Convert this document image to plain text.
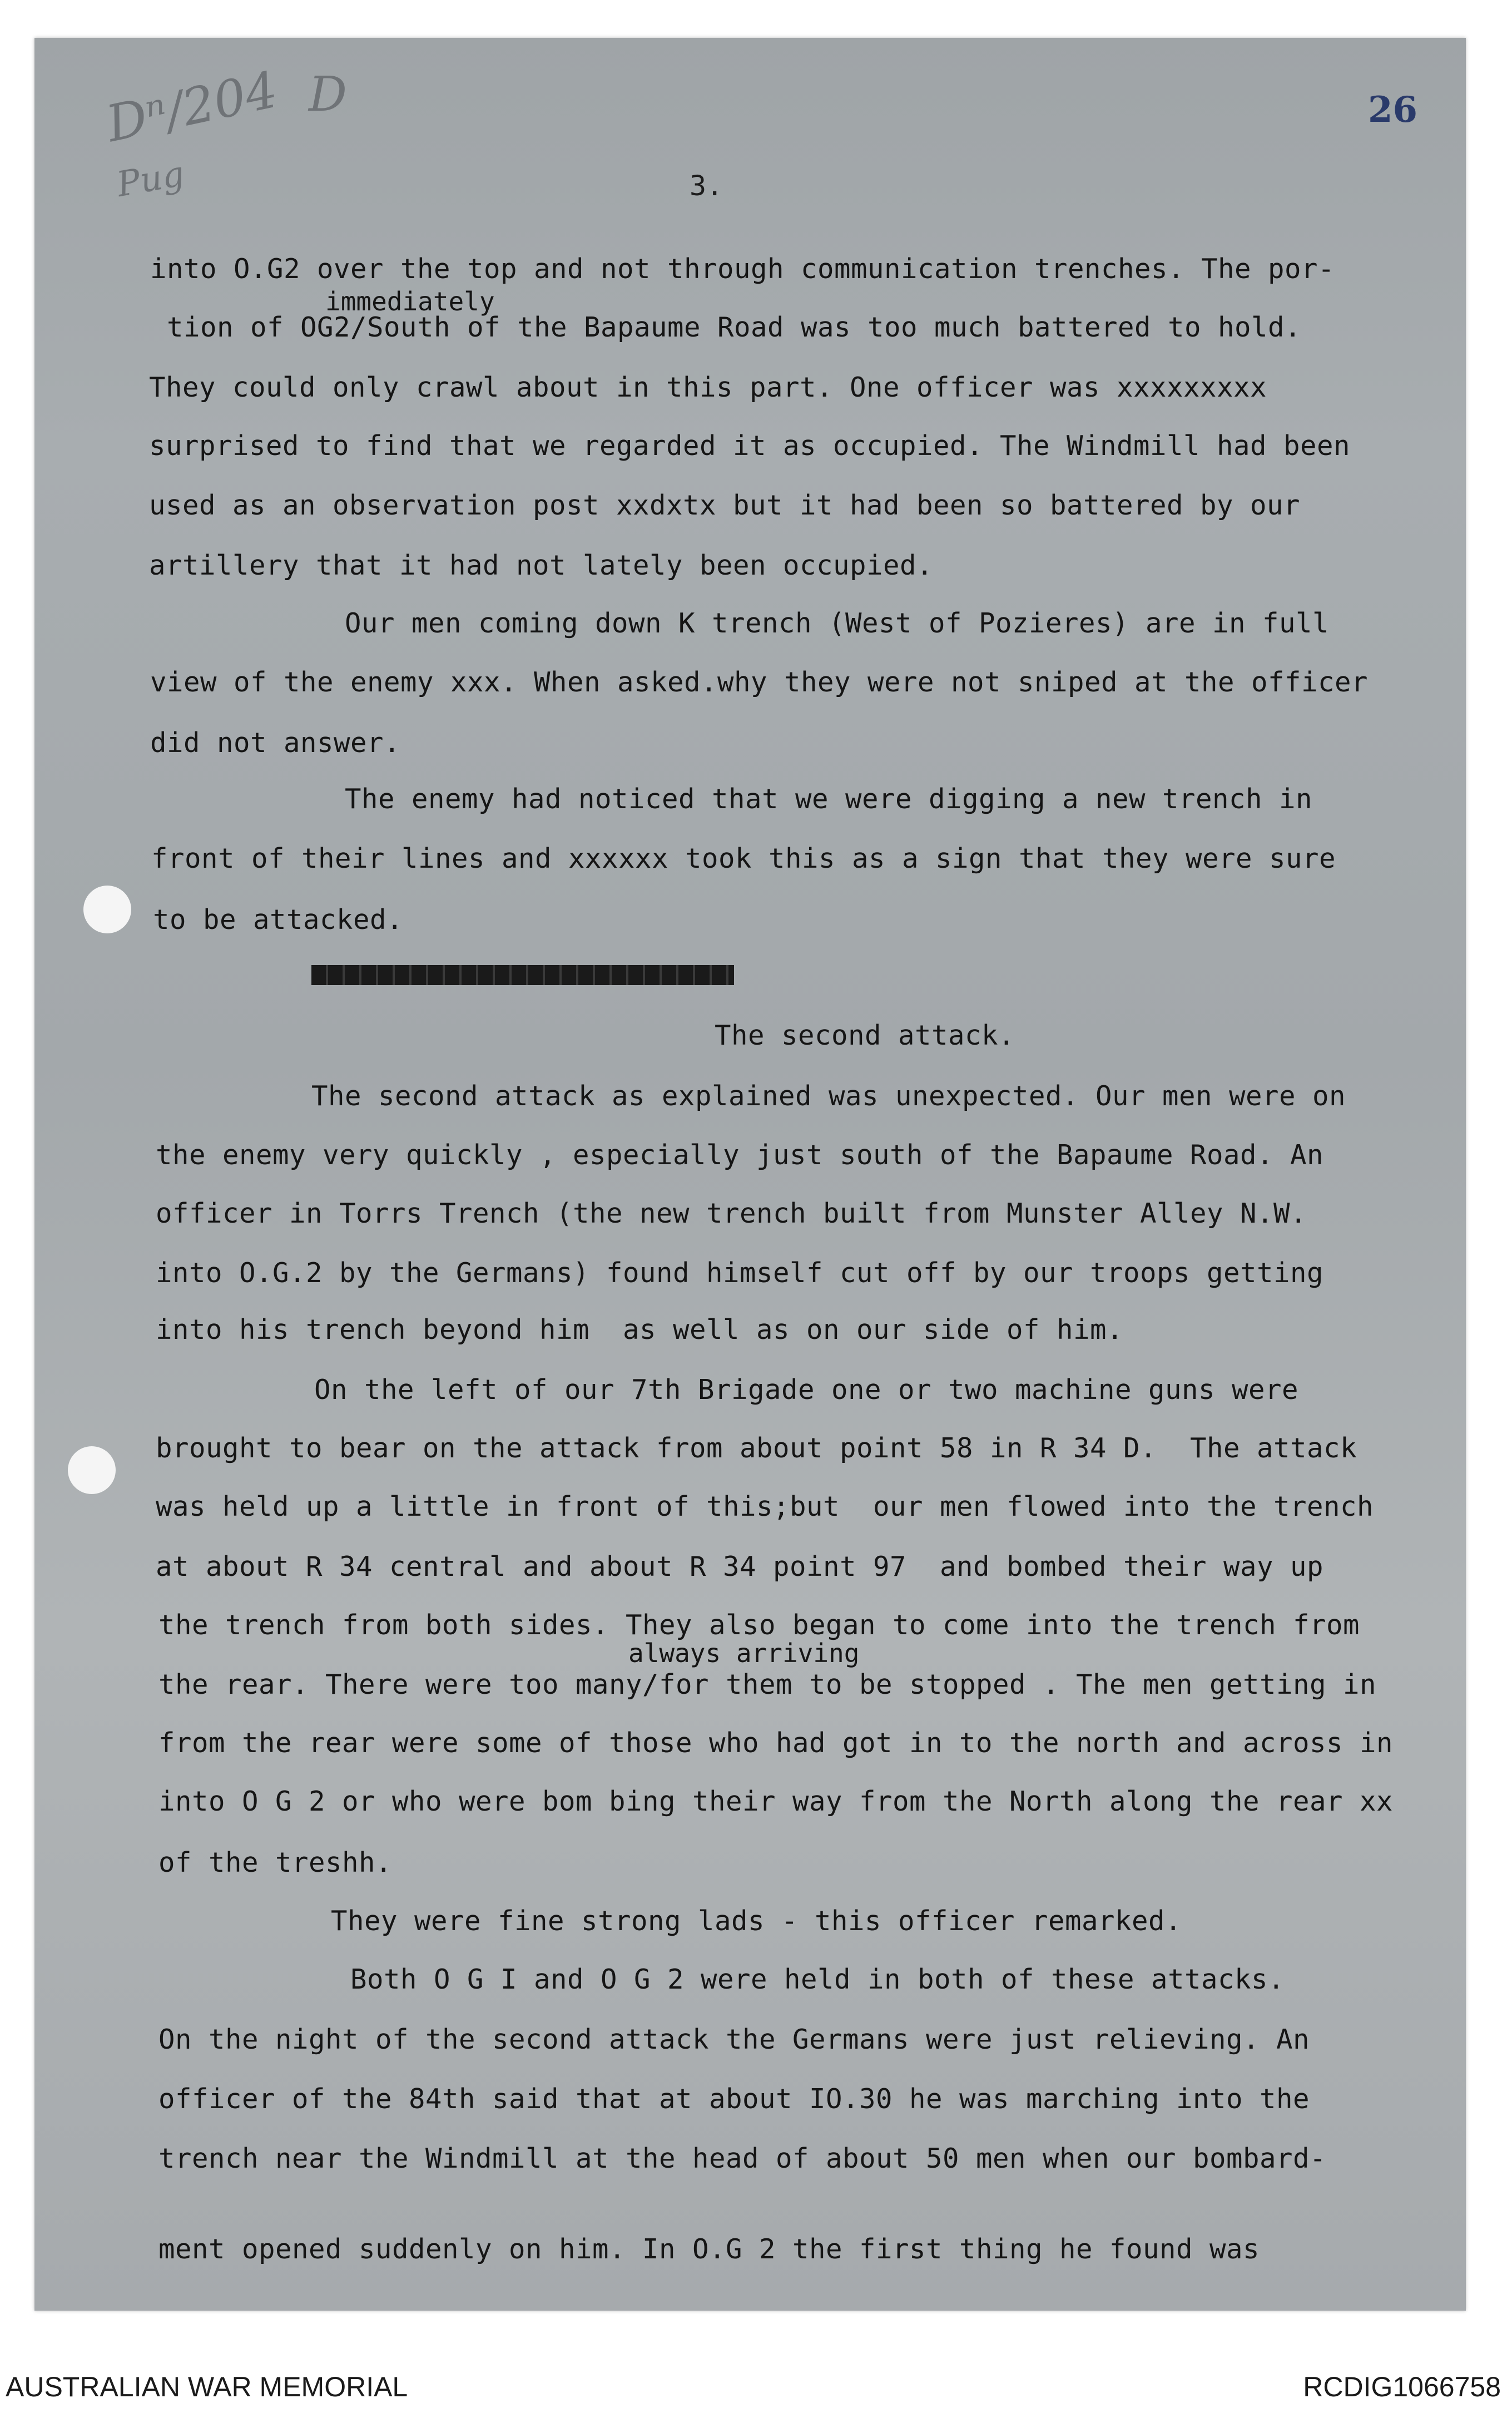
Dⁿ/204 D
Pug
26
3.
immediately
always arriving
into O.G2 over the top and not through communication trenches. The por-
tion of OG2/South of the Bapaume Road was too much battered to hold.
They could only crawl about in this part. One officer was xxxxxxxxx
surprised to find that we regarded it as occupied. The Windmill had been
used as an observation post xxdxtx but it had been so battered by our
artillery that it had not lately been occupied.
Our men coming down K trench (West of Pozieres) are in full
view of the enemy xxx. When asked.why they were not sniped at the officer
did not answer.
The enemy had noticed that we were digging a new trench in
front of their lines and xxxxxx took this as a sign that they were sure
to be attacked.
The second attack.
The second attack as explained was unexpected. Our men were on
the enemy very quickly , especially just south of the Bapaume Road. An
officer in Torrs Trench (the new trench built from Munster Alley N.W.
into O.G.2 by the Germans) found himself cut off by our troops getting
into his trench beyond him  as well as on our side of him.
On the left of our 7th Brigade one or two machine guns were
brought to bear on the attack from about point 58 in R 34 D.  The attack
was held up a little in front of this;but  our men flowed into the trench
at about R 34 central and about R 34 point 97  and bombed their way up
the trench from both sides. They also began to come into the trench from
the rear. There were too many/for them to be stopped . The men getting in
from the rear were some of those who had got in to the north and across in
into O G 2 or who were bom bing their way from the North along the rear xx
of the treshh.
They were fine strong lads - this officer remarked.
Both O G I and O G 2 were held in both of these attacks.
On the night of the second attack the Germans were just relieving. An
officer of the 84th said that at about IO.30 he was marching into the
trench near the Windmill at the head of about 50 men when our bombard-
ment opened suddenly on him. In O.G 2 the first thing he found was
AUSTRALIAN WAR MEMORIAL	RCDIG1066758
